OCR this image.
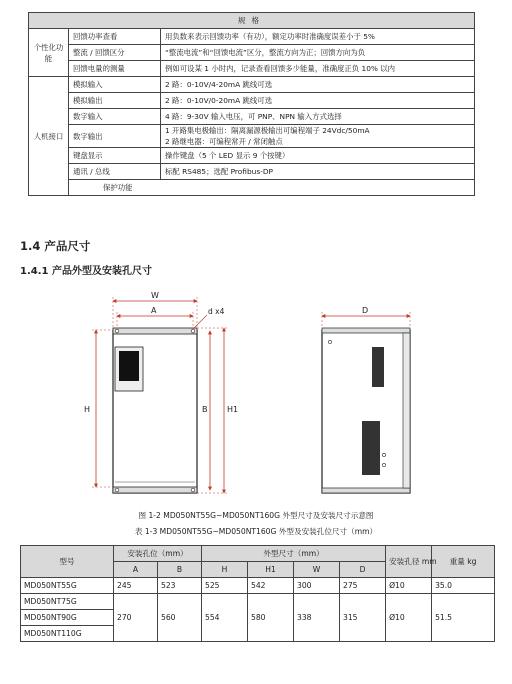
规格			
个性化功能	回馈功率查看	用负数来表示回馈功率（有功），额定功率时准确度误差小于 5%	
	整流 / 回馈区分	“整流电流”和“回馈电流”区分，整流方向为正；回馈方向为负	
	回馈电量的测量	例如可设某 1 小时内，记录查看回馈多少能量，准确度正负 10% 以内	
人机接口	模拟输入	2 路：0-10V/4-20mA 跳线可选	
	模拟输出	2 路：0-10V/0-20mA 跳线可选	
	数字输入	4 路：9-30V 输入电压，可 PNP、NPN 输入方式选择	
	数字输出	1 开路集电极输出：隔离漏源极输出可编程端子 24Vdc/50mA
2 路继电器：可编程常开 / 常闭触点	

	键盘显示	操作键盘（5 个 LED 显示 9 个按键）	
	通讯 / 总线	标配 RS485；选配 Profibus-DP	
	保护功能	
1.4 产品尺寸
1.4.1 产品外型及安装孔尺寸
W
A	d x4
H	B H1
D
图 1-2 MD050NT55G~MD050NT160G 外型尺寸及安装尺寸示意图
表 1-3 MD050NT55G~MD050NT160G 外型及安装孔位尺寸（mm）
型号	安装孔位（mm）		外型尺寸（mm）				安装孔径 mm	重量 kg
	A	B	H	H1	W	D		
MD050NT55G	245	523	525	542	300	275	Ø10	35.0
MD050NT75G	270	560	554	580	338	315	Ø10	51.5
MD050NT90G								
MD050NT110G								
